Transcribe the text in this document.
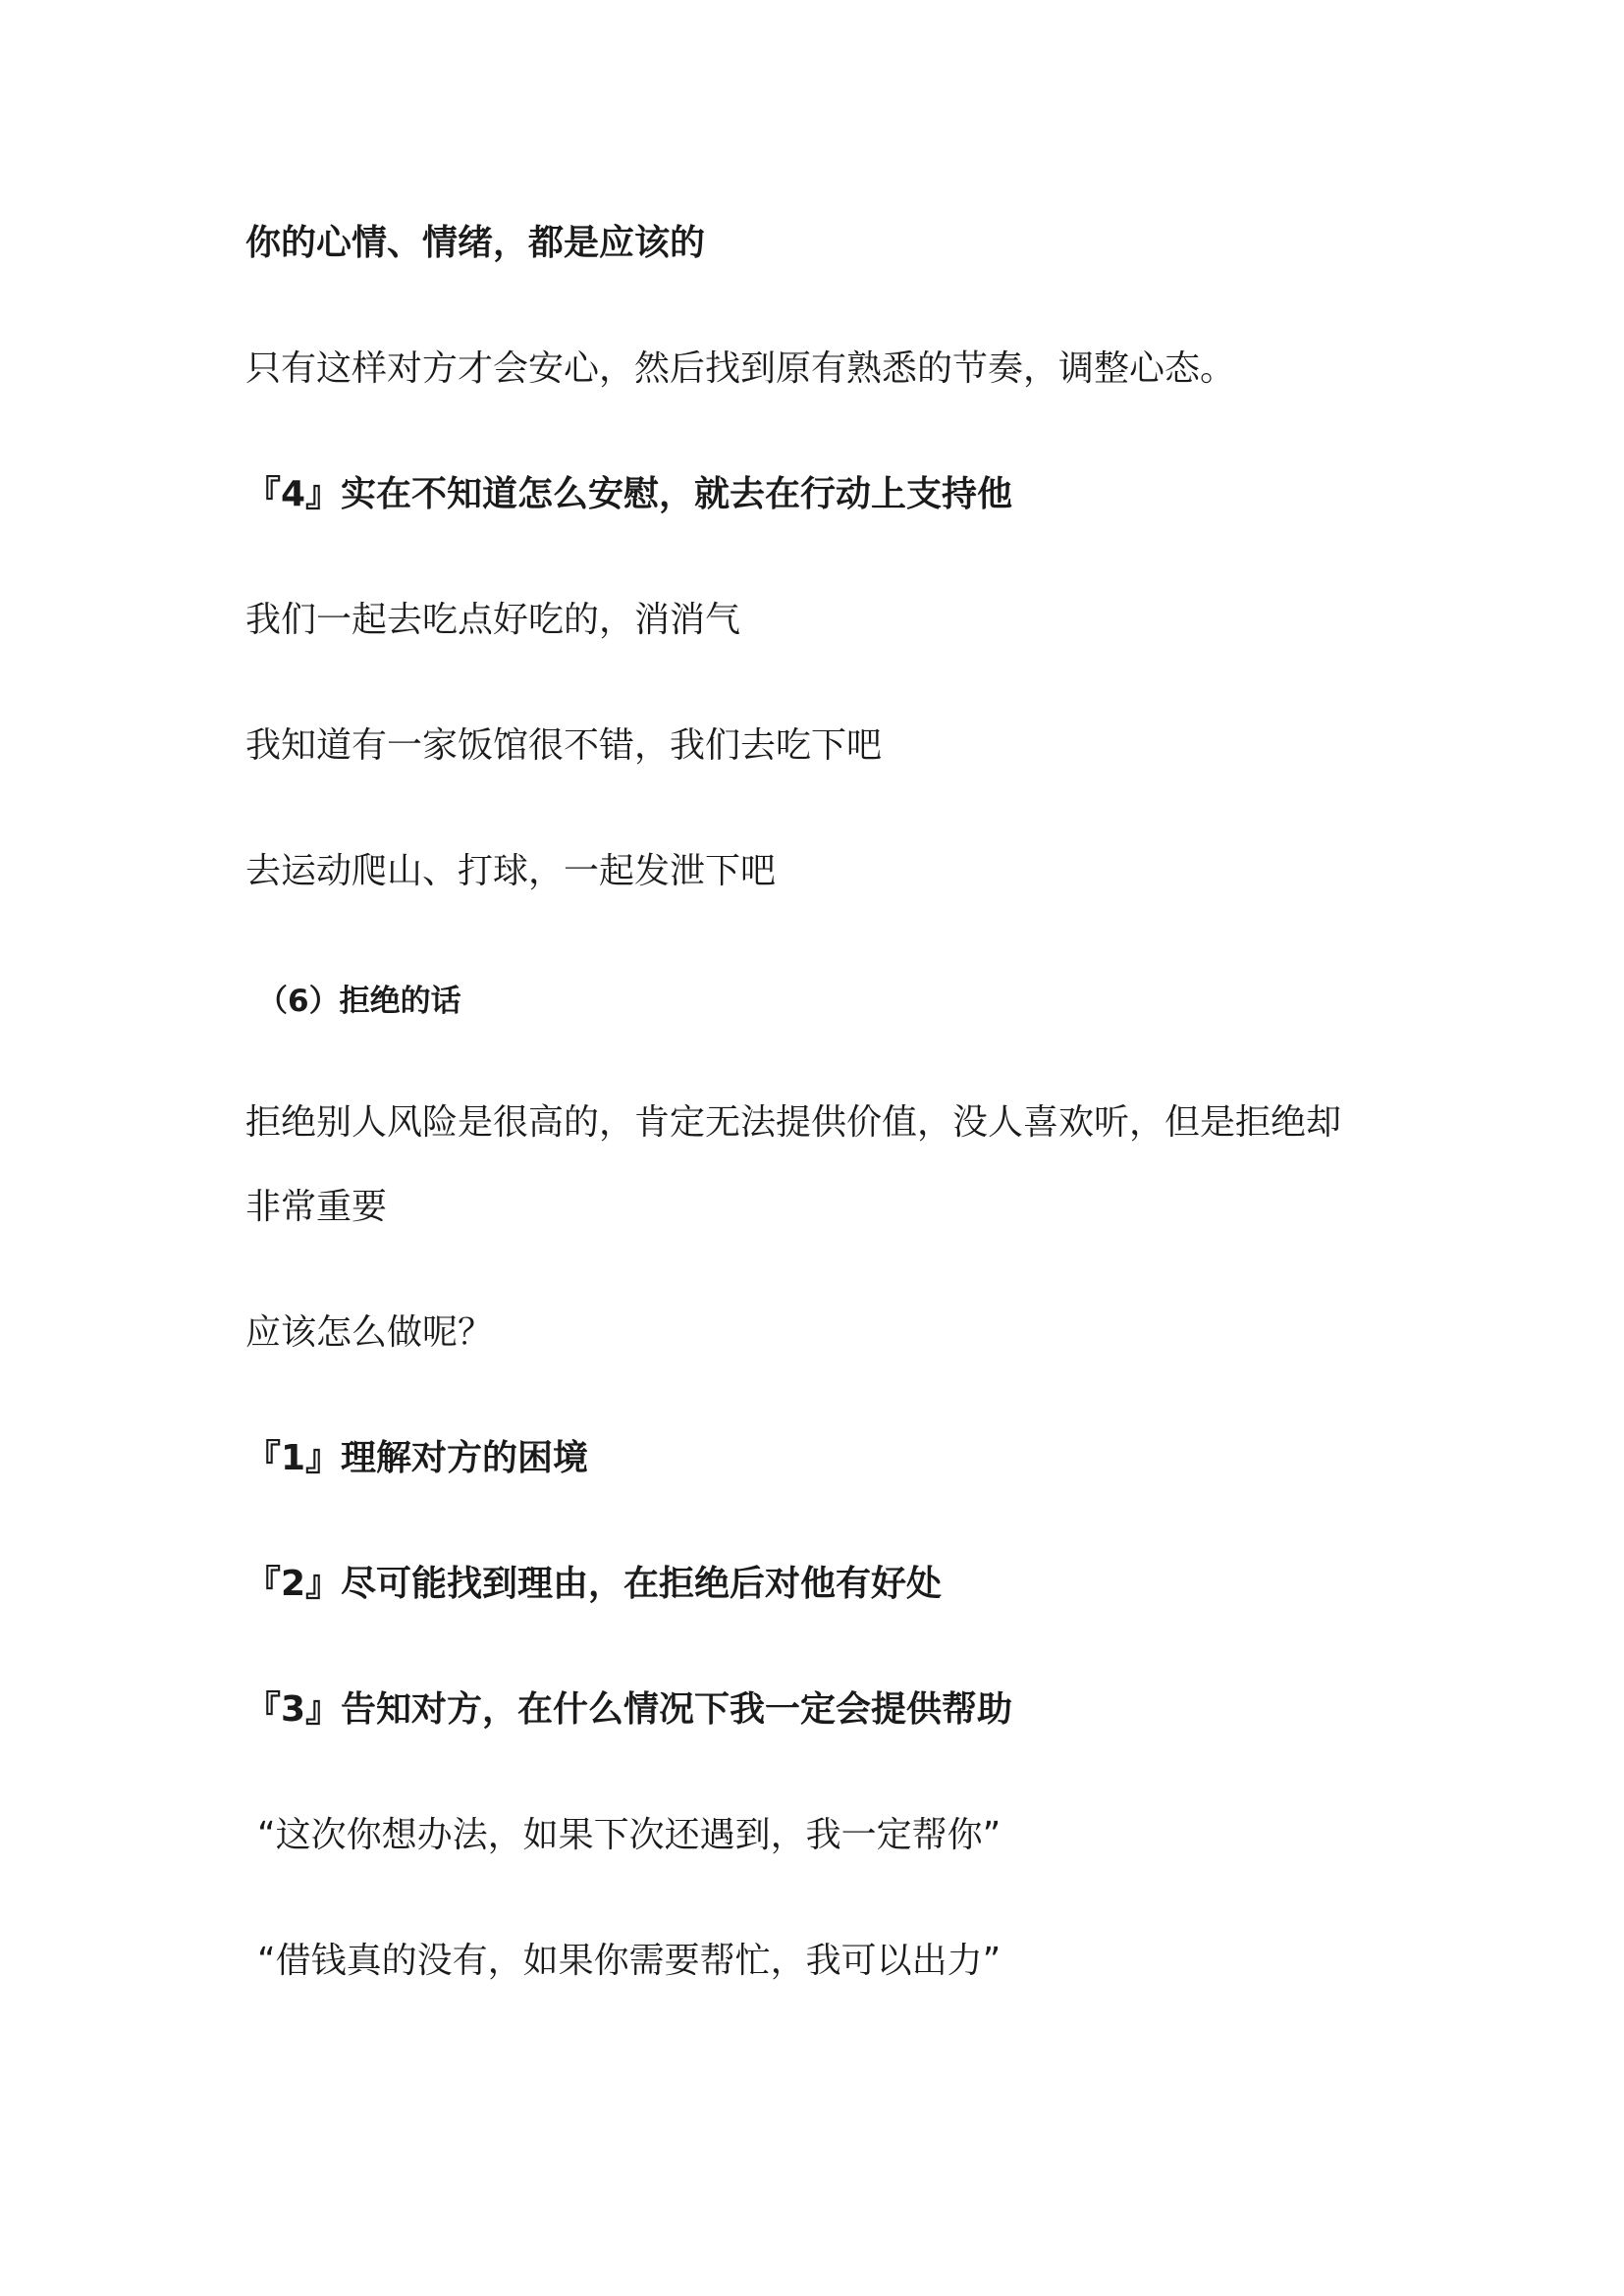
你的心情、情绪，都是应该的
只有这样对方才会安心，然后找到原有熟悉的节奏，调整心态。
『4』实在不知道怎么安慰，就去在行动上支持他
我们一起去吃点好吃的，消消气
我知道有一家饭馆很不错，我们去吃下吧
去运动爬山、打球，一起发泄下吧
（6）拒绝的话
拒绝别人风险是很高的，肯定无法提供价值，没人喜欢听，但是拒绝却
非常重要
应该怎么做呢？
『1』理解对方的困境
『2』尽可能找到理由，在拒绝后对他有好处
『3』告知对方，在什么情况下我一定会提供帮助
“这次你想办法，如果下次还遇到，我一定帮你”
“借钱真的没有，如果你需要帮忙，我可以出力”
